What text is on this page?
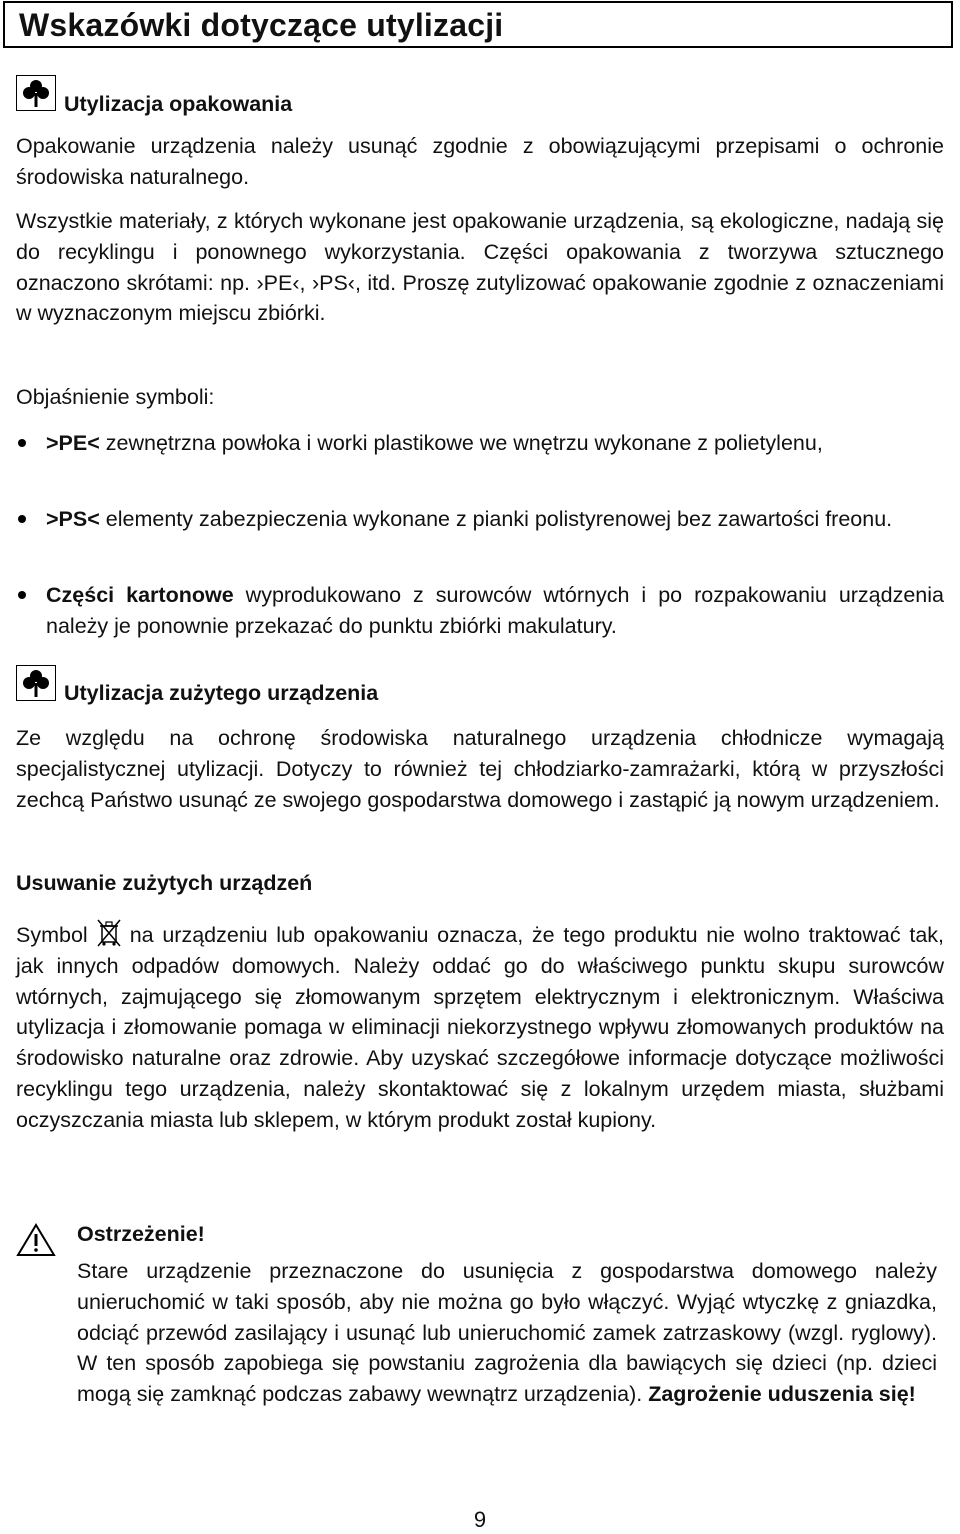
Wskazówki dotyczące utylizacji
Utylizacja opakowania

Opakowanie urządzenia należy usunąć zgodnie z obowiązującymi przepisami o ochronie środowiska naturalnego.

Wszystkie materiały, z których wykonane jest opakowanie urządzenia, są ekologiczne, nadają się do recyklingu i ponownego wykorzystania. Części opakowania z tworzywa sztucznego oznaczono skrótami: np. ›PE‹, ›PS‹, itd. Proszę zutylizować opakowanie zgodnie z oznaczeniami w wyznaczonym miejscu zbiórki.

Objaśnienie symboli:

>PE< zewnętrzna powłoka i worki plastikowe we wnętrzu wykonane z polietylenu,
>PS< elementy zabezpieczenia wykonane z pianki polistyrenowej bez zawartości freonu.
Części kartonowe wyprodukowano z surowców wtórnych i po rozpakowaniu urządzenia należy je ponownie przekazać do punktu zbiórki makulatury.
Utylizacja zużytego urządzenia

Ze względu na ochronę środowiska naturalnego urządzenia chłodnicze wymagają specjalistycznej utylizacji. Dotyczy to również tej chłodziarko-zamrażarki, którą w przyszłości zechcą Państwo usunąć ze swojego gospodarstwa domowego i zastąpić ją nowym urządzeniem.

Usuwanie zużytych urządzeń

Symbol na urządzeniu lub opakowaniu oznacza, że tego produktu nie wolno traktować tak, jak innych odpadów domowych. Należy oddać go do właściwego punktu skupu surowców wtórnych, zajmującego się złomowanym sprzętem elektrycznym i elektronicznym. Właściwa utylizacja i złomowanie pomaga w eliminacji niekorzystnego wpływu złomowanych produktów na środowisko naturalne oraz zdrowie. Aby uzyskać szczegółowe informacje dotyczące możliwości recyklingu tego urządzenia, należy skontaktować się z lokalnym urzędem miasta, służbami oczyszczania miasta lub sklepem, w którym produkt został kupiony.

Ostrzeżenie!

Stare urządzenie przeznaczone do usunięcia z gospodarstwa domowego należy unieruchomić w taki sposób, aby nie można go było włączyć. Wyjąć wtyczkę z gniazdka, odciąć przewód zasilający i usunąć lub unieruchomić zamek zatrzaskowy (wzgl. ryglowy). W ten sposób zapobiega się powstaniu zagrożenia dla bawiących się dzieci (np. dzieci mogą się zamknąć podczas zabawy wewnątrz urządzenia). Zagrożenie uduszenia się!

9
